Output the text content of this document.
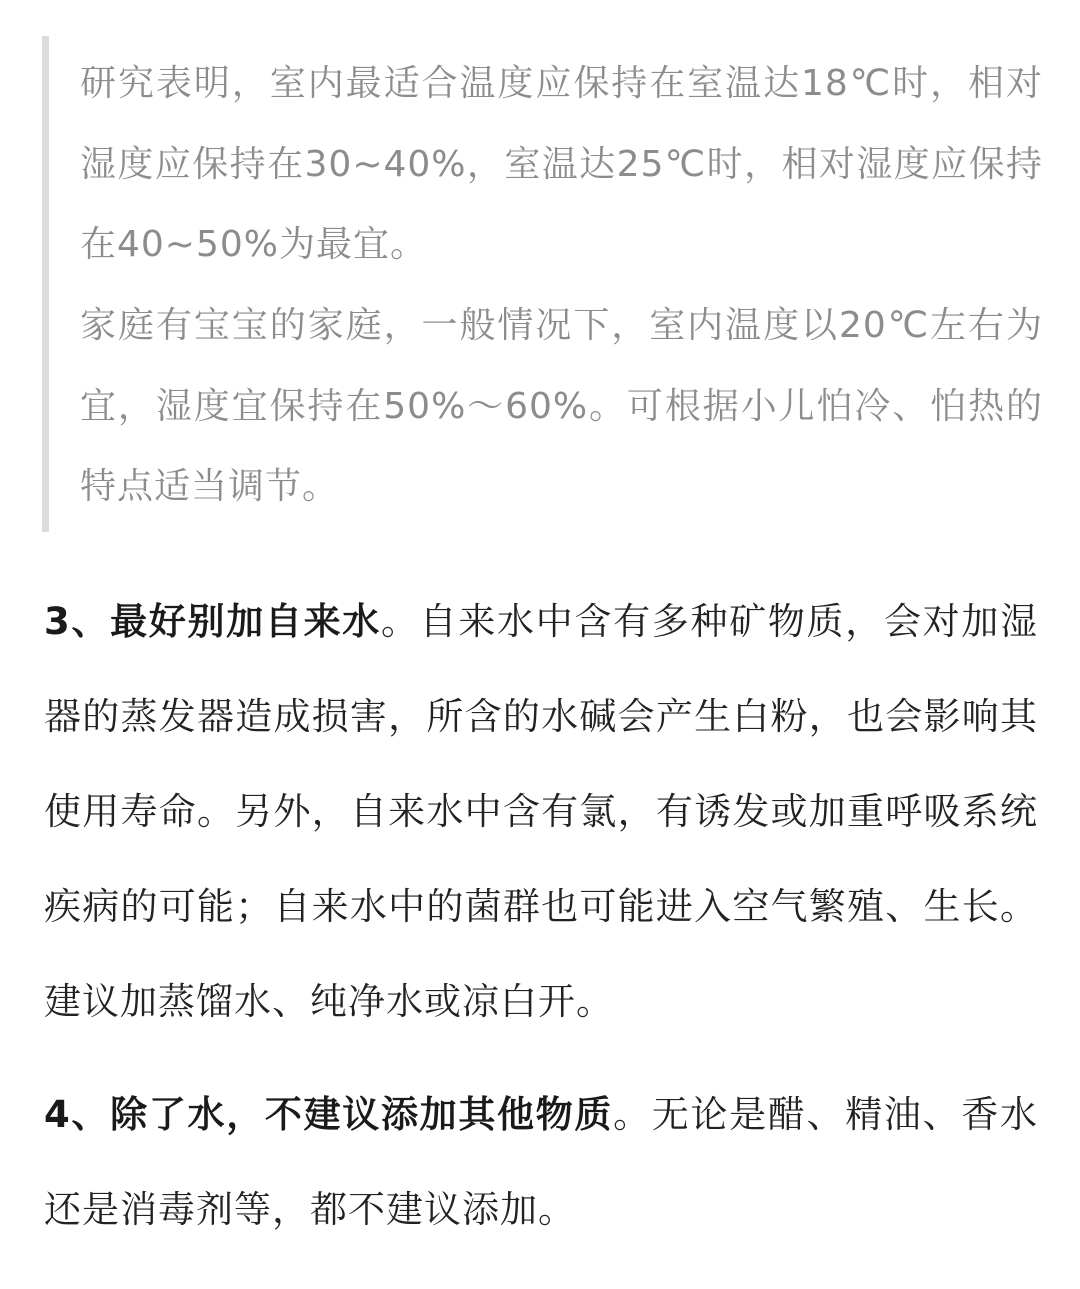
研究表明，室内最适合温度应保持在室温达18℃时，相对湿度应保持在30~40%，室温达25℃时，相对湿度应保持在40~50%为最宜。

家庭有宝宝的家庭，一般情况下，室内温度以20℃左右为宜，湿度宜保持在50%～60%。可根据小儿怕冷、怕热的特点适当调节。

3、最好别加自来水。自来水中含有多种矿物质，会对加湿器的蒸发器造成损害，所含的水碱会产生白粉，也会影响其使用寿命。另外，自来水中含有氯，有诱发或加重呼吸系统疾病的可能；自来水中的菌群也可能进入空气繁殖、生长。建议加蒸馏水、纯净水或凉白开。

4、除了水，不建议添加其他物质。无论是醋、精油、香水还是消毒剂等，都不建议添加。
